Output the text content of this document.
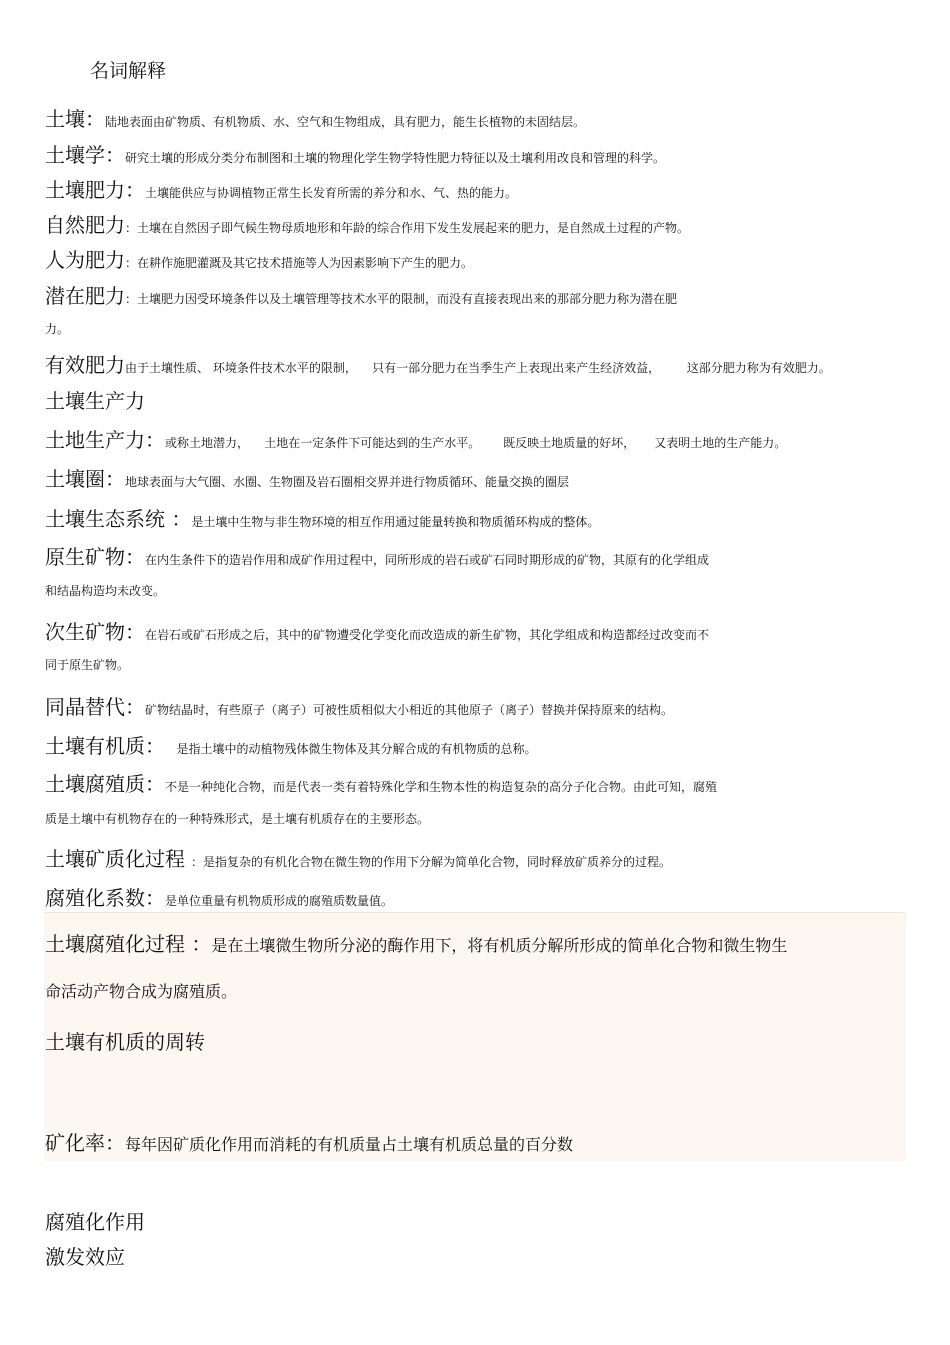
名词解释
土壤：陆地表面由矿物质、有机物质、水、空气和生物组成，具有肥力，能生长植物的未固结层。
土壤学：研究土壤的形成分类分布制图和土壤的物理化学生物学特性肥力特征以及土壤利用改良和管理的科学。
土壤肥力：土壤能供应与协调植物正常生长发育所需的养分和水、气、热的能力。
自然肥力：土壤在自然因子即气候生物母质地形和年龄的综合作用下发生发展起来的肥力，是自然成土过程的产物。
人为肥力：在耕作施肥灌溉及其它技术措施等人为因素影响下产生的肥力。
潜在肥力：土壤肥力因受环境条件以及土壤管理等技术水平的限制，而没有直接表现出来的那部分肥力称为潜在肥
力。
有效肥力由于土壤性质、 环境条件技术水平的限制，    只有一部分肥力在当季生产上表现出来产生经济效益，       这部分肥力称为有效肥力。
土壤生产力
土地生产力：或称土地潜力，    土地在一定条件下可能达到的生产水平。      既反映土地质量的好坏，     又表明土地的生产能力。
土壤圈：地球表面与大气圈、水圈、生物圈及岩石圈相交界并进行物质循环、能量交换的圈层
土壤生态系统 ：是土壤中生物与非生物环境的相互作用通过能量转换和物质循环构成的整体。
原生矿物：在内生条件下的造岩作用和成矿作用过程中，同所形成的岩石或矿石同时期形成的矿物，其原有的化学组成
和结晶构造均未改变。
次生矿物：在岩石或矿石形成之后，其中的矿物遭受化学变化而改造成的新生矿物，其化学组成和构造都经过改变而不
同于原生矿物。
同晶替代：矿物结晶时，有些原子（离子）可被性质相似大小相近的其他原子（离子）替换并保持原来的结构。
土壤有机质：   是指土壤中的动植物残体微生物体及其分解合成的有机物质的总称。
土壤腐殖质：不是一种纯化合物，而是代表一类有着特殊化学和生物本性的构造复杂的高分子化合物。由此可知，腐殖
质是土壤中有机物存在的一种特殊形式，是土壤有机质存在的主要形态。
土壤矿质化过程 ：是指复杂的有机化合物在微生物的作用下分解为简单化合物，同时释放矿质养分的过程。
腐殖化系数：是单位重量有机物质形成的腐殖质数量值。
土壤腐殖化过程 ：是在土壤微生物所分泌的酶作用下，将有机质分解所形成的简单化合物和微生物生
命活动产物合成为腐殖质。
土壤有机质的周转
矿化率：每年因矿质化作用而消耗的有机质量占土壤有机质总量的百分数
腐殖化作用
激发效应
